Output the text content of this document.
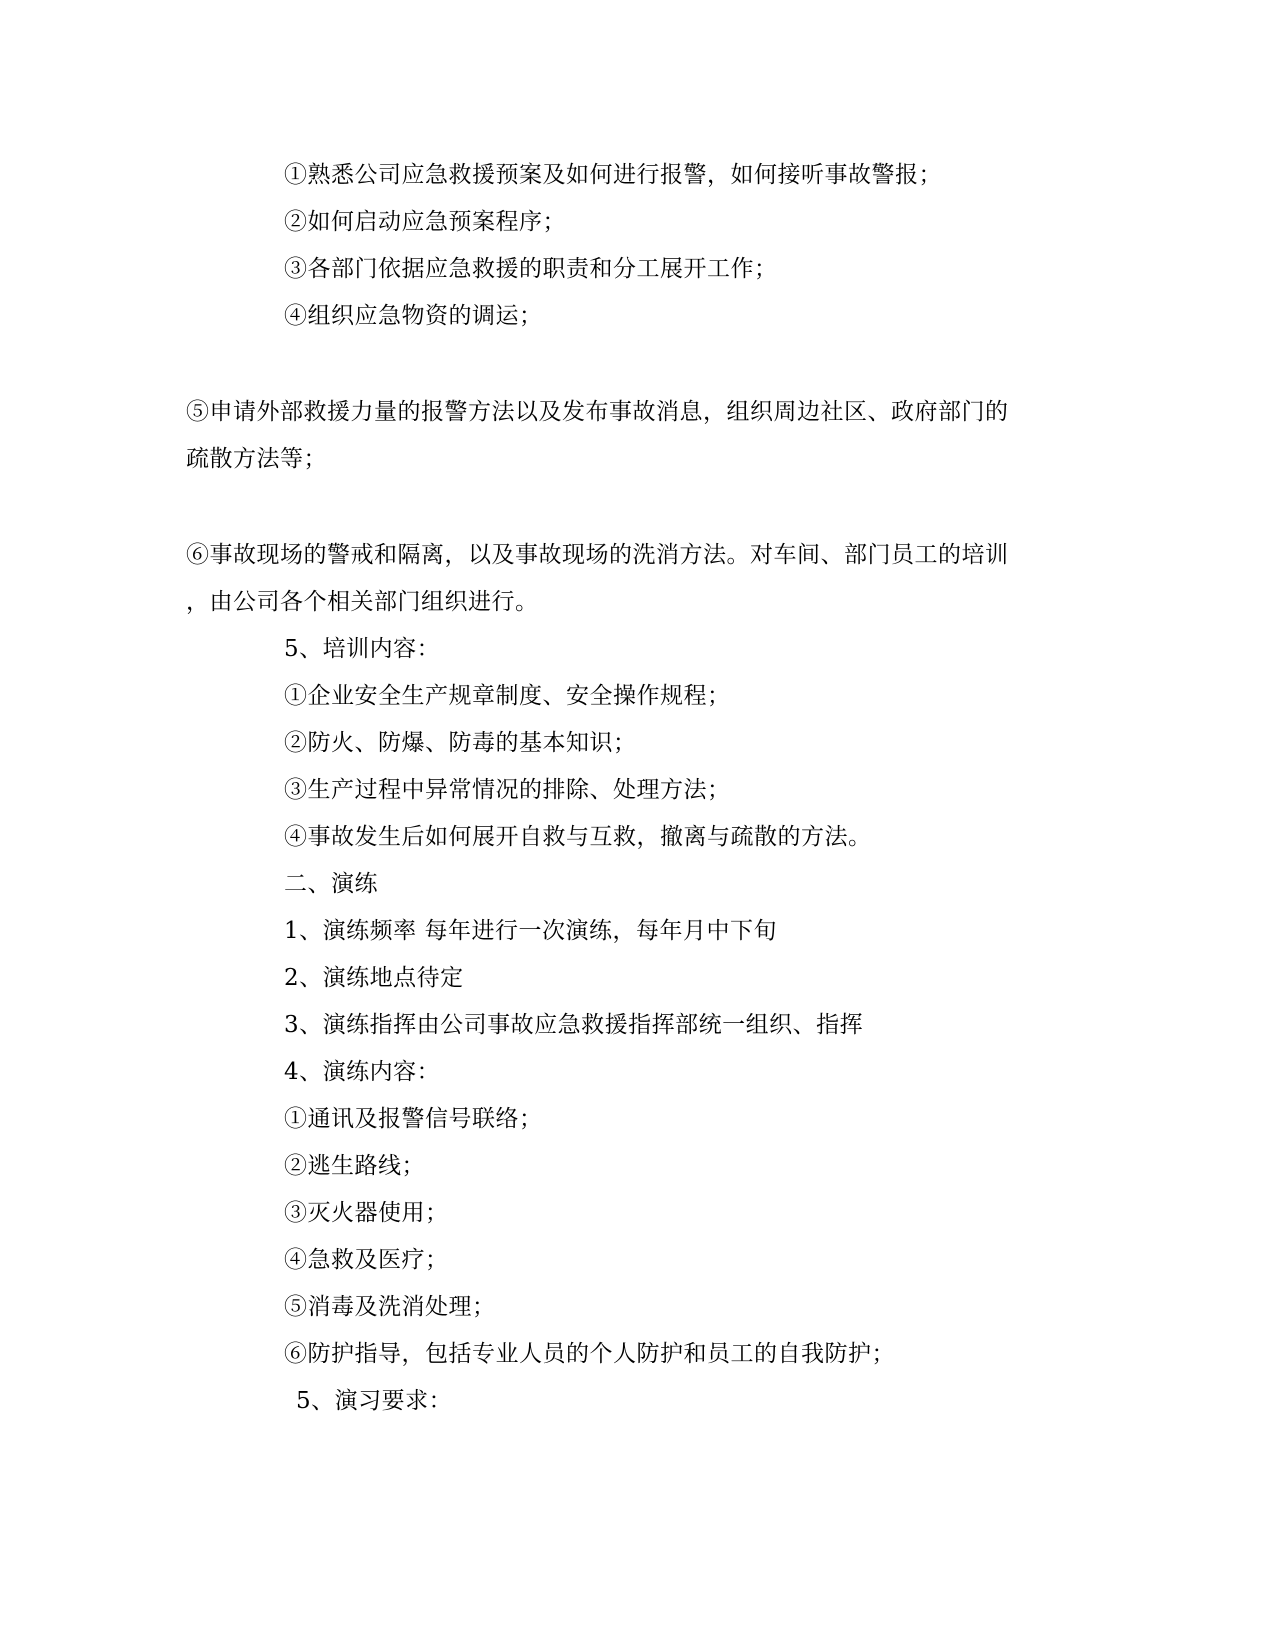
①熟悉公司应急救援预案及如何进行报警，如何接听事故警报；
②如何启动应急预案程序；
③各部门依据应急救援的职责和分工展开工作；
④组织应急物资的调运；
⑤申请外部救援力量的报警方法以及发布事故消息，组织周边社区、政府部门的
疏散方法等；
⑥事故现场的警戒和隔离，以及事故现场的洗消方法。对车间、部门员工的培训
，由公司各个相关部门组织进行。
5、培训内容：
①企业安全生产规章制度、安全操作规程；
②防火、防爆、防毒的基本知识；
③生产过程中异常情况的排除、处理方法；
④事故发生后如何展开自救与互救，撤离与疏散的方法。
二、演练
1、演练频率 每年进行一次演练，每年月中下旬
2、演练地点待定
3、演练指挥由公司事故应急救援指挥部统一组织、指挥
4、演练内容：
①通讯及报警信号联络；
②逃生路线；
③灭火器使用；
④急救及医疗；
⑤消毒及洗消处理；
⑥防护指导，包括专业人员的个人防护和员工的自我防护；
5、演习要求：
